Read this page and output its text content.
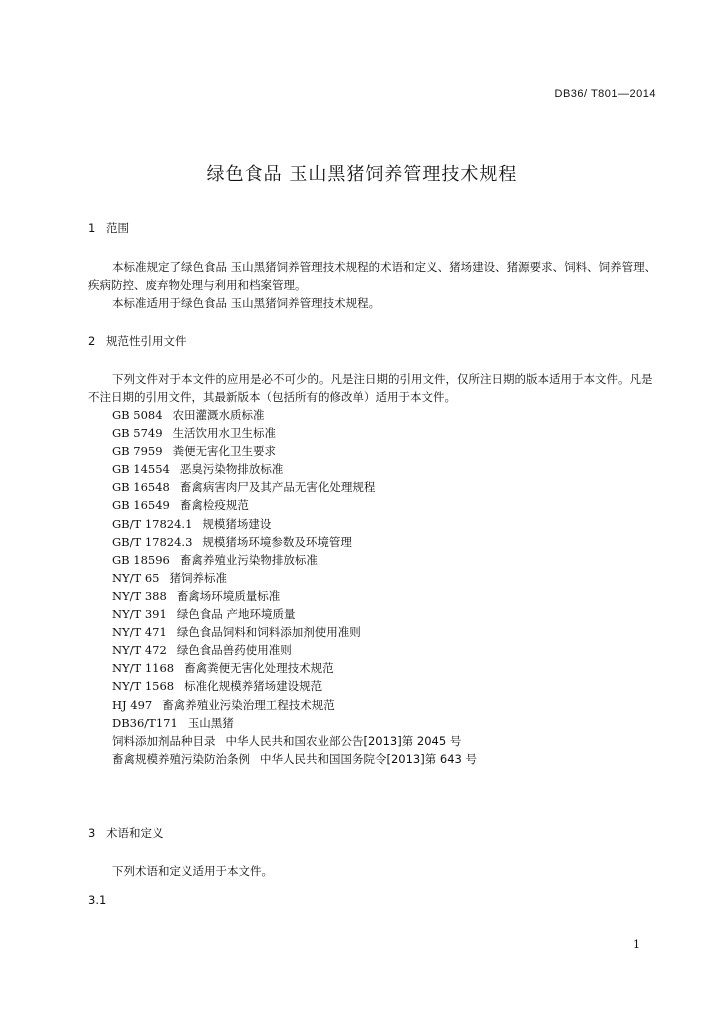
DB36/ T801—2014
绿色食品 玉山黑猪饲养管理技术规程
1 范围
本标准规定了绿色食品 玉山黑猪饲养管理技术规程的术语和定义、猪场建设、猪源要求、饲料、饲养管理、疾病防控、废弃物处理与利用和档案管理。
本标准适用于绿色食品 玉山黑猪饲养管理技术规程。
2 规范性引用文件
下列文件对于本文件的应用是必不可少的。凡是注日期的引用文件，仅所注日期的版本适用于本文件。凡是不注日期的引用文件，其最新版本（包括所有的修改单）适用于本文件。
GB 5084 农田灌溉水质标准
GB 5749 生活饮用水卫生标准
GB 7959 粪便无害化卫生要求
GB 14554 恶臭污染物排放标准
GB 16548 畜禽病害肉尸及其产品无害化处理规程
GB 16549 畜禽检疫规范
GB/T 17824.1 规模猪场建设
GB/T 17824.3 规模猪场环境参数及环境管理
GB 18596 畜禽养殖业污染物排放标准
NY/T 65 猪饲养标准
NY/T 388 畜禽场环境质量标准
NY/T 391 绿色食品 产地环境质量
NY/T 471 绿色食品饲料和饲料添加剂使用准则
NY/T 472 绿色食品兽药使用准则
NY/T 1168 畜禽粪便无害化处理技术规范
NY/T 1568 标准化规模养猪场建设规范
HJ 497 畜禽养殖业污染治理工程技术规范
DB36/T171 玉山黑猪
饲料添加剂品种目录 中华人民共和国农业部公告[2013]第 2045 号
畜禽规模养殖污染防治条例 中华人民共和国国务院令[2013]第 643 号
3 术语和定义
下列术语和定义适用于本文件。
3.1
1
